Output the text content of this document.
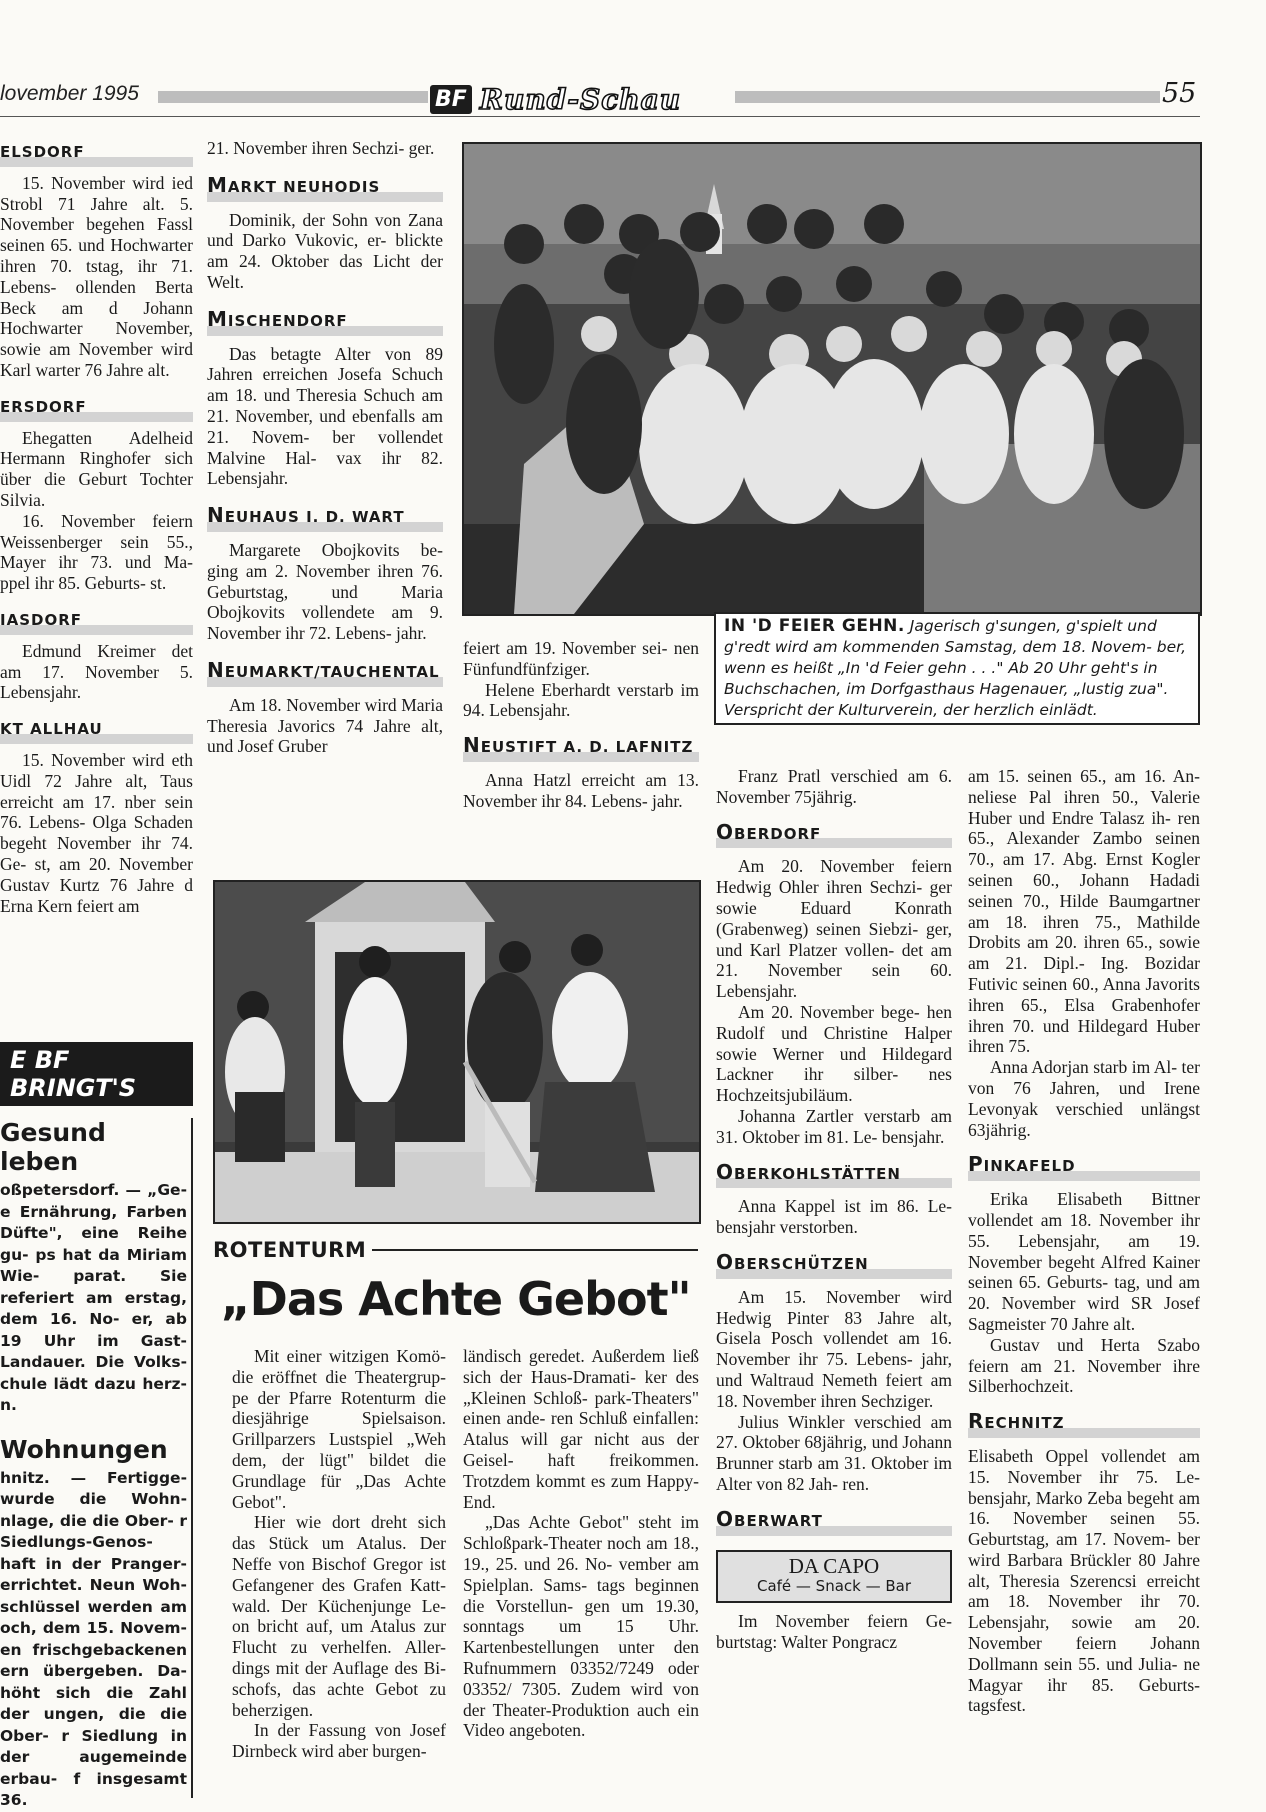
lovember 1995	BF Rund-Schau	55
ELSDORF

15. November wird ied Strobl 71 Jahre alt. 5. November begehen Fassl seinen 65. und Hochwarter ihren 70. tstag, ihr 71. Lebens- ollenden Berta Beck am d Johann Hochwarter November, sowie am November wird Karl warter 76 Jahre alt.

ERSDORF

Ehegatten Adelheid Hermann Ringhofer sich über die Geburt Tochter Silvia.

16. November feiern Weissenberger sein 55., Mayer ihr 73. und Ma- ppel ihr 85. Geburts- st.

IASDORF

Edmund Kreimer det am 17. November 5. Lebensjahr.

KT ALLHAU

15. November wird eth Uidl 72 Jahre alt, Taus erreicht am 17. nber sein 76. Lebens- Olga Schaden begeht November ihr 74. Ge- st, am 20. November Gustav Kurtz 76 Jahre d Erna Kern feiert am

21. November ihren Sechzi- ger.

MARKT NEUHODIS

Dominik, der Sohn von Zana und Darko Vukovic, er- blickte am 24. Oktober das Licht der Welt.

MISCHENDORF

Das betagte Alter von 89 Jahren erreichen Josefa Schuch am 18. und Theresia Schuch am 21. November, und ebenfalls am 21. Novem- ber vollendet Malvine Hal- vax ihr 82. Lebensjahr.

NEUHAUS I. D. WART

Margarete Obojkovits be- ging am 2. November ihren 76. Geburtstag, und Maria Obojkovits vollendete am 9. November ihr 72. Lebens- jahr.

NEUMARKT/TAUCHENTAL

Am 18. November wird Maria Theresia Javorics 74 Jahre alt, und Josef Gruber

IN 'D FEIER GEHN. Jagerisch g'sungen, g'spielt und g'redt wird am kommenden Samstag, dem 18. Novem- ber, wenn es heißt „In 'd Feier gehn . . ." Ab 20 Uhr geht's in Buchschachen, im Dorfgasthaus Hagenauer, „lustig zua". Verspricht der Kulturverein, der herzlich einlädt.

feiert am 19. November sei- nen Fünfundfünfziger.

Helene Eberhardt verstarb im 94. Lebensjahr.

NEUSTIFT A. D. LAFNITZ

Anna Hatzl erreicht am 13. November ihr 84. Lebens- jahr.

E BF BRINGT'S
Gesund leben
oßpetersdorf. — „Ge- e Ernährung, Farben Düfte", eine Reihe gu- ps hat da Miriam Wie- parat. Sie referiert am erstag, dem 16. No- er, ab 19 Uhr im Gast- Landauer. Die Volks- chule lädt dazu herz- n.
Wohnungen
hnitz. — Fertigge- wurde die Wohn- nlage, die die Ober- r Siedlungs-Genos- haft in der Pranger- errichtet. Neun Woh- schlüssel werden am och, dem 15. Novem- en frischgebackenen ern übergeben. Da- höht sich die Zahl der ungen, die die Ober- r Siedlung in der augemeinde erbau- f insgesamt 36.
ROTENTURM
„Das Achte Gebot"

Mit einer witzigen Komö- die eröffnet die Theatergrup- pe der Pfarre Rotenturm die diesjährige Spielsaison. Grillparzers Lustspiel „Weh dem, der lügt" bildet die Grundlage für „Das Achte Gebot".

Hier wie dort dreht sich das Stück um Atalus. Der Neffe von Bischof Gregor ist Gefangener des Grafen Katt- wald. Der Küchenjunge Le- on bricht auf, um Atalus zur Flucht zu verhelfen. Aller- dings mit der Auflage des Bi- schofs, das achte Gebot zu beherzigen.

In der Fassung von Josef Dirnbeck wird aber burgen-

ländisch geredet. Außerdem ließ sich der Haus-Dramati- ker des „Kleinen Schloß- park-Theaters" einen ande- ren Schluß einfallen: Atalus will gar nicht aus der Geisel- haft freikommen. Trotzdem kommt es zum Happy-End.

„Das Achte Gebot" steht im Schloßpark-Theater noch am 18., 19., 25. und 26. No- vember am Spielplan. Sams- tags beginnen die Vorstellun- gen um 19.30, sonntags um 15 Uhr. Kartenbestellungen unter den Rufnummern 03352/7249 oder 03352/ 7305. Zudem wird von der Theater-Produktion auch ein Video angeboten.

Franz Pratl verschied am 6. November 75jährig.

OBERDORF

Am 20. November feiern Hedwig Ohler ihren Sechzi- ger sowie Eduard Konrath (Grabenweg) seinen Siebzi- ger, und Karl Platzer vollen- det am 21. November sein 60. Lebensjahr.

Am 20. November bege- hen Rudolf und Christine Halper sowie Werner und Hildegard Lackner ihr silber- nes Hochzeitsjubiläum.

Johanna Zartler verstarb am 31. Oktober im 81. Le- bensjahr.

OBERKOHLSTÄTTEN

Anna Kappel ist im 86. Le- bensjahr verstorben.

OBERSCHÜTZEN

Am 15. November wird Hedwig Pinter 83 Jahre alt, Gisela Posch vollendet am 16. November ihr 75. Lebens- jahr, und Waltraud Nemeth feiert am 18. November ihren Sechziger.

Julius Winkler verschied am 27. Oktober 68jährig, und Johann Brunner starb am 31. Oktober im Alter von 82 Jah- ren.

OBERWART
DA CAPO
Café — Snack — Bar

Im November feiern Ge- burtstag: Walter Pongracz

am 15. seinen 65., am 16. An- neliese Pal ihren 50., Valerie Huber und Endre Talasz ih- ren 65., Alexander Zambo seinen 70., am 17. Abg. Ernst Kogler seinen 60., Johann Hadadi seinen 70., Hilde Baumgartner am 18. ihren 75., Mathilde Drobits am 20. ihren 65., sowie am 21. Dipl.- Ing. Bozidar Futivic seinen 60., Anna Javorits ihren 65., Elsa Grabenhofer ihren 70. und Hildegard Huber ihren 75.

Anna Adorjan starb im Al- ter von 76 Jahren, und Irene Levonyak verschied unlängst 63jährig.

PINKAFELD

Erika Elisabeth Bittner vollendet am 18. November ihr 55. Lebensjahr, am 19. November begeht Alfred Kainer seinen 65. Geburts- tag, und am 20. November wird SR Josef Sagmeister 70 Jahre alt.

Gustav und Herta Szabo feiern am 21. November ihre Silberhochzeit.

RECHNITZ

Elisabeth Oppel vollendet am 15. November ihr 75. Le- bensjahr, Marko Zeba begeht am 16. November seinen 55. Geburtstag, am 17. Novem- ber wird Barbara Brückler 80 Jahre alt, Theresia Szerencsi erreicht am 18. November ihr 70. Lebensjahr, sowie am 20. November feiern Johann Dollmann sein 55. und Julia- ne Magyar ihr 85. Geburts- tagsfest.
